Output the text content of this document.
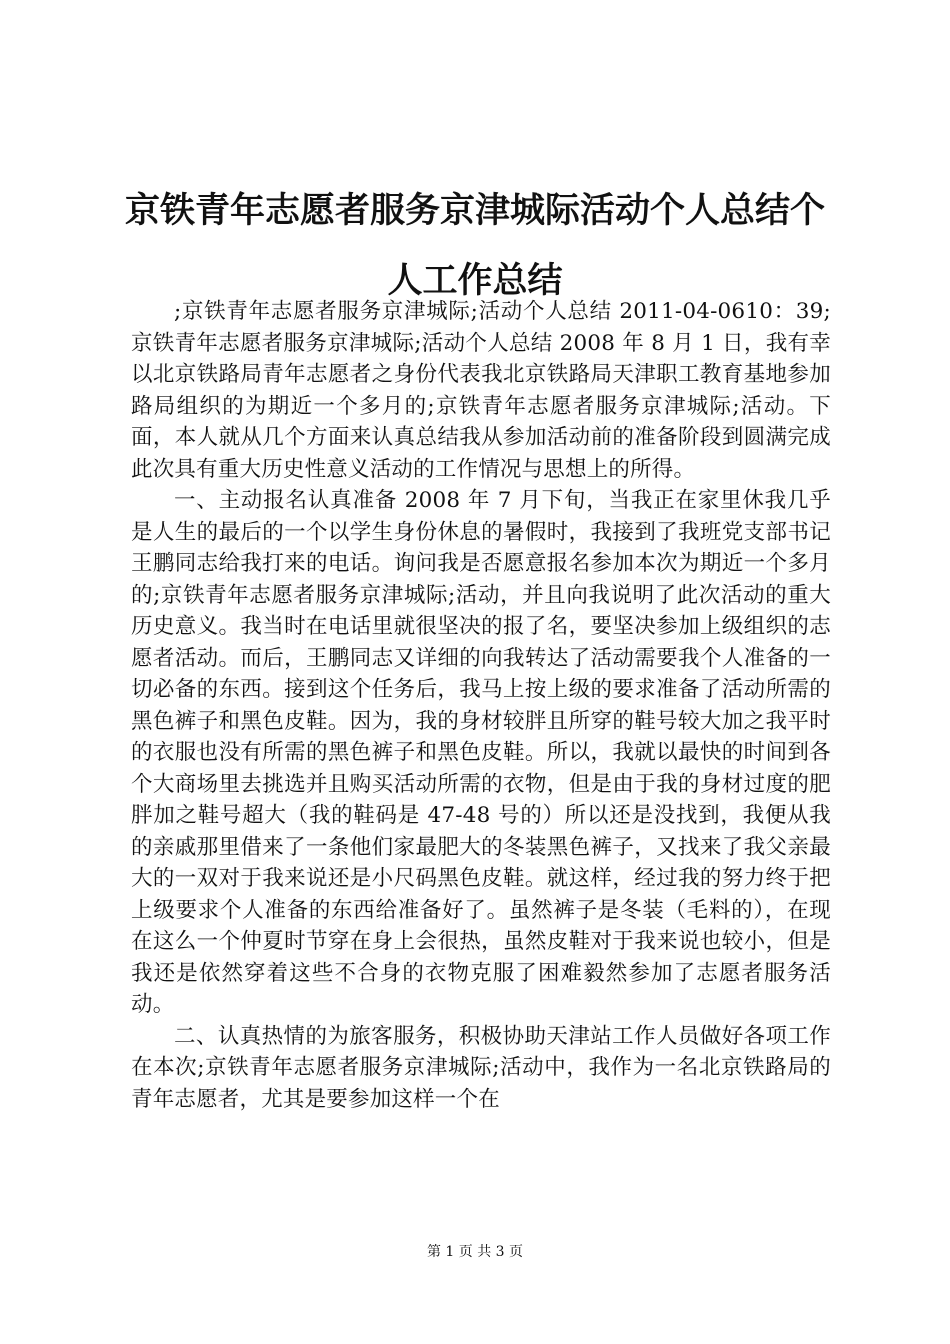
京铁青年志愿者服务京津城际活动个人总结个人工作总结

;京铁青年志愿者服务京津城际;活动个人总结 2011-04-0610：39;京铁青年志愿者服务京津城际;活动个人总结 2008 年 8 月 1 日，我有幸以北京铁路局青年志愿者之身份代表我北京铁路局天津职工教育基地参加路局组织的为期近一个多月的;京铁青年志愿者服务京津城际;活动。下面，本人就从几个方面来认真总结我从参加活动前的准备阶段到圆满完成此次具有重大历史性意义活动的工作情况与思想上的所得。

一、主动报名认真准备 2008 年 7 月下旬，当我正在家里休我几乎是人生的最后的一个以学生身份休息的暑假时，我接到了我班党支部书记王鹏同志给我打来的电话。询问我是否愿意报名参加本次为期近一个多月的;京铁青年志愿者服务京津城际;活动，并且向我说明了此次活动的重大历史意义。我当时在电话里就很坚决的报了名，要坚决参加上级组织的志愿者活动。而后，王鹏同志又详细的向我转达了活动需要我个人准备的一切必备的东西。接到这个任务后，我马上按上级的要求准备了活动所需的黑色裤子和黑色皮鞋。因为，我的身材较胖且所穿的鞋号较大加之我平时的衣服也没有所需的黑色裤子和黑色皮鞋。所以，我就以最快的时间到各个大商场里去挑选并且购买活动所需的衣物，但是由于我的身材过度的肥胖加之鞋号超大（我的鞋码是 47-48 号的）所以还是没找到，我便从我的亲戚那里借来了一条他们家最肥大的冬装黑色裤子，又找来了我父亲最大的一双对于我来说还是小尺码黑色皮鞋。就这样，经过我的努力终于把上级要求个人准备的东西给准备好了。虽然裤子是冬装（毛料的），在现在这么一个仲夏时节穿在身上会很热，虽然皮鞋对于我来说也较小，但是我还是依然穿着这些不合身的衣物克服了困难毅然参加了志愿者服务活动。

二、认真热情的为旅客服务，积极协助天津站工作人员做好各项工作在本次;京铁青年志愿者服务京津城际;活动中，我作为一名北京铁路局的青年志愿者，尤其是要参加这样一个在

第 1 页 共 3 页
